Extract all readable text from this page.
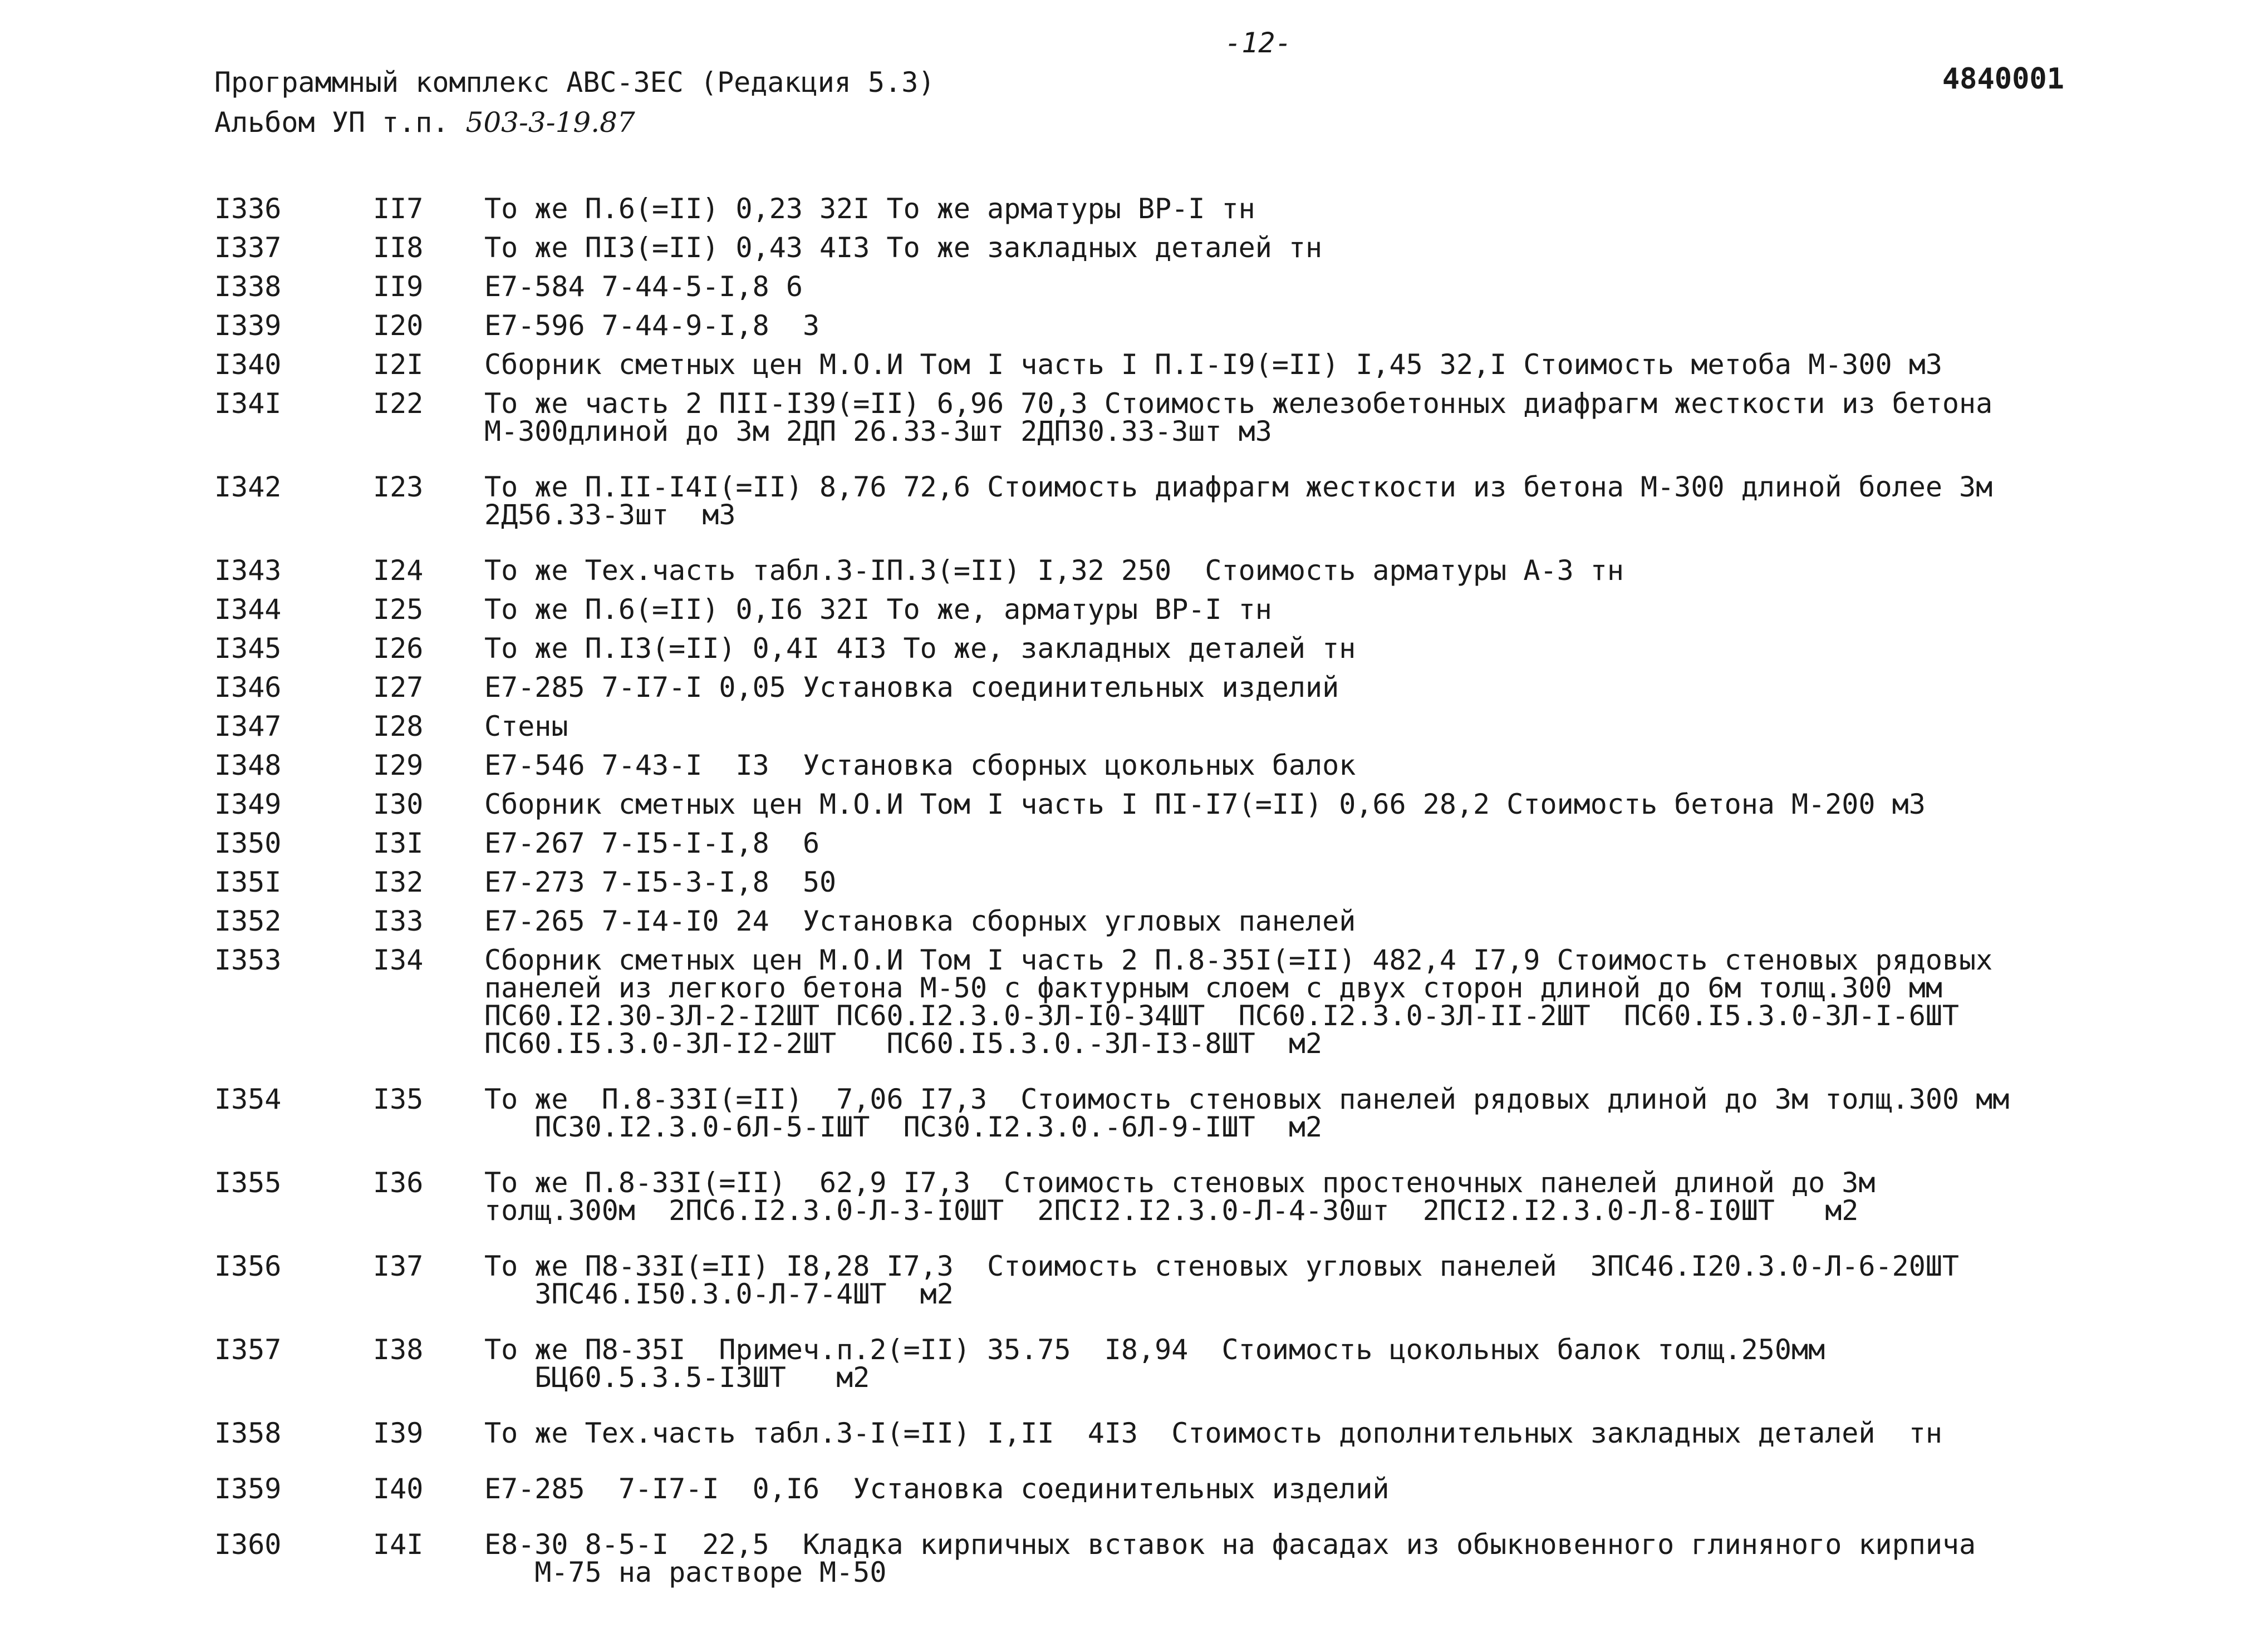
-12-
Программный комплекс АВС-3ЕС (Редакция 5.3)
Альбом УП т.п. 503-3-19.87
4840001
I336	II7	То же П.6(=II) 0,23 32I То же арматуры ВР-I тн
I337	II8	То же ПI3(=II) 0,43 4I3 То же закладных деталей тн
I338	II9	Е7-584 7-44-5-I,8 6
I339	I20	Е7-596 7-44-9-I,8  3
I340	I2I	Сборник сметных цен М.О.И Том I часть I П.I-I9(=II) I,45 32,I Стоимость метоба М-300 м3
I34I	I22	То же часть 2 ПII-I39(=II) 6,96 70,3 Стоимость железобетонных диафрагм жесткости из бетона
М-300длиной до 3м 2ДП 26.33-3шт 2ДП30.33-3шт м3
I342	I23	То же П.II-I4I(=II) 8,76 72,6 Стоимость диафрагм жесткости из бетона М-300 длиной более 3м
2Д56.33-3шт  м3
I343	I24	То же Тех.часть табл.3-IП.3(=II) I,32 250  Стоимость арматуры А-3 тн
I344	I25	То же П.6(=II) 0,I6 32I То же, арматуры ВР-I тн
I345	I26	То же П.I3(=II) 0,4I 4I3 То же, закладных деталей тн
I346	I27	Е7-285 7-I7-I 0,05 Установка соединительных изделий
I347	I28	Стены
I348	I29	Е7-546 7-43-I  I3  Установка сборных цокольных балок
I349	I30	Сборник сметных цен М.О.И Том I часть I ПI-I7(=II) 0,66 28,2 Стоимость бетона М-200 м3
I350	I3I	Е7-267 7-I5-I-I,8  6
I35I	I32	Е7-273 7-I5-3-I,8  50
I352	I33	Е7-265 7-I4-I0 24  Установка сборных угловых панелей
I353	I34	Сборник сметных цен М.О.И Том I часть 2 П.8-35I(=II) 482,4 I7,9 Стоимость стеновых рядовых
панелей из легкого бетона М-50 с фактурным слоем с двух сторон длиной до 6м толщ.300 мм
ПС60.I2.30-3Л-2-I2ШТ ПС60.I2.3.0-3Л-I0-34ШТ  ПС60.I2.3.0-3Л-II-2ШТ  ПС60.I5.3.0-3Л-I-6ШТ
ПС60.I5.3.0-3Л-I2-2ШТ   ПС60.I5.3.0.-3Л-I3-8ШТ  м2
I354	I35	То же  П.8-33I(=II)  7,06 I7,3  Стоимость стеновых панелей рядовых длиной до 3м толщ.300 мм
ПС30.I2.3.0-6Л-5-IШТ  ПС30.I2.3.0.-6Л-9-IШТ  м2
I355	I36	То же П.8-33I(=II)  62,9 I7,3  Стоимость стеновых простеночных панелей длиной до 3м
толщ.300м  2ПС6.I2.3.0-Л-3-I0ШТ  2ПСI2.I2.3.0-Л-4-30шт  2ПСI2.I2.3.0-Л-8-I0ШТ   м2
I356	I37	То же П8-33I(=II) I8,28 I7,3  Стоимость стеновых угловых панелей  3ПС46.I20.3.0-Л-6-20ШТ
3ПС46.I50.3.0-Л-7-4ШТ  м2
I357	I38	То же П8-35I  Примеч.п.2(=II) 35.75  I8,94  Стоимость цокольных балок толщ.250мм
БЦ60.5.3.5-I3ШТ   м2
I358	I39	То же Тех.часть табл.3-I(=II) I,II  4I3  Стоимость дополнительных закладных деталей  тн
I359	I40	Е7-285  7-I7-I  0,I6  Установка соединительных изделий
I360	I4I	Е8-30 8-5-I  22,5  Кладка кирпичных вставок на фасадах из обыкновенного глиняного кирпича
М-75 на растворе М-50
